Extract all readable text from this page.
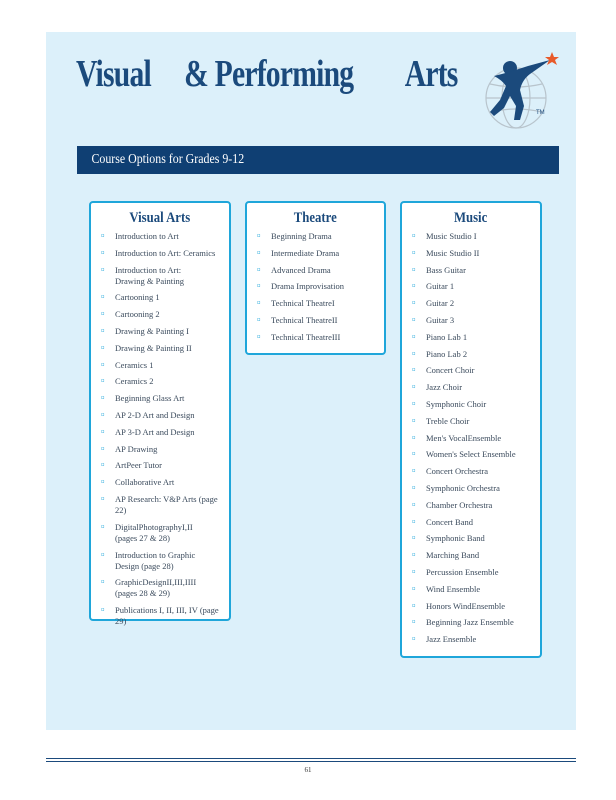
Visual     & Performing        Arts
TM
Course Options for Grades 9-12
Visual Arts
¤ Introduction to Art
¤ Introduction to Art: Ceramics
¤ Introduction to Art:
Drawing & Painting
¤ Cartooning 1
¤ Cartooning 2
¤ Drawing & Painting I
¤ Drawing & Painting II
¤ Ceramics 1
¤ Ceramics 2
¤ Beginning Glass Art
¤ AP 2-D Art and Design
¤ AP 3-D Art and Design
¤ AP Drawing
¤ ArtPeer Tutor
¤ Collaborative Art
¤ AP Research: V&P Arts (page 22)
¤ DigitalPhotographyI,II
(pages 27 & 28)
¤ Introduction to Graphic
Design (page 28)
¤ GraphicDesignII,III,IIII
(pages 28 & 29)
¤ Publications I, II, III, IV (page 29)
Theatre
¤ Beginning Drama
¤ Intermediate Drama
¤ Advanced Drama
¤ Drama Improvisation
¤ Technical TheatreI
¤ Technical TheatreII
¤ Technical TheatreIII
Music
¤ Music Studio I
¤ Music Studio II
¤ Bass Guitar
¤ Guitar 1
¤ Guitar 2
¤ Guitar 3
¤ Piano Lab 1
¤ Piano Lab 2
¤ Concert Choir
¤ Jazz Choir
¤ Symphonic Choir
¤ Treble Choir
¤ Men's VocalEnsemble
¤ Women's Select Ensemble
¤ Concert Orchestra
¤ Symphonic Orchestra
¤ Chamber Orchestra
¤ Concert Band
¤ Symphonic Band
¤ Marching Band
¤ Percussion Ensemble
¤ Wind Ensemble
¤ Honors WindEnsemble
¤ Beginning Jazz Ensemble
¤ Jazz Ensemble
61
